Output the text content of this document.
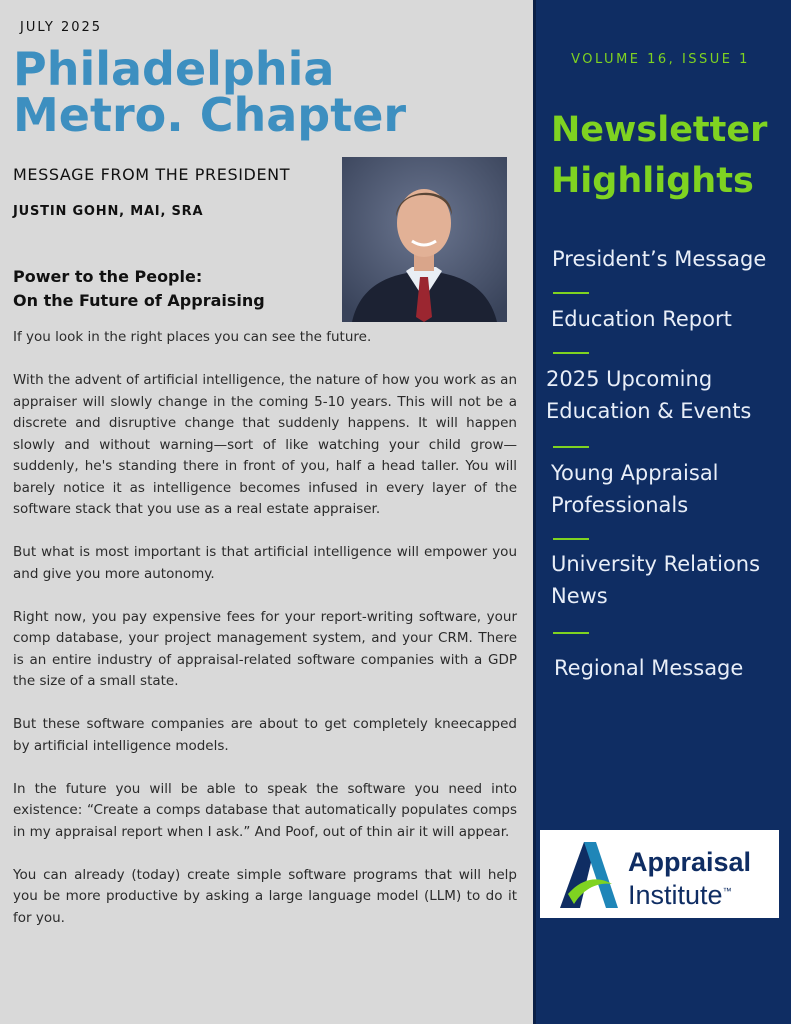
JULY 2025
Philadelphia
Metro. Chapter
MESSAGE FROM THE PRESIDENT
JUSTIN GOHN, MAI, SRA
Power to the People:
On the Future of Appraising

If you look in the right places you can see the future.

With the advent of artificial intelligence, the nature of how you work as an appraiser will slowly change in the coming 5-10 years. This will not be a discrete and disruptive change that suddenly happens. It will happen slowly and without warning—sort of like watching your child grow—suddenly, he's standing there in front of you, half a head taller. You will barely notice it as intelligence becomes infused in every layer of the software stack that you use as a real estate appraiser.

But what is most important is that artificial intelligence will empower you and give you more autonomy.

Right now, you pay expensive fees for your report-writing software, your comp database, your project management system, and your CRM. There is an entire industry of appraisal-related software companies with a GDP the size of a small state.

But these software companies are about to get completely kneecapped by artificial intelligence models.

In the future you will be able to speak the software you need into existence: “Create a comps database that automatically populates comps in my appraisal report when I ask.” And Poof, out of thin air it will appear.

You can already (today) create simple software programs that will help you be more productive by asking a large language model (LLM) to do it for you.

VOLUME 16, ISSUE 1
Newsletter
Highlights
President’s Message
Education Report
2025 Upcoming
Education & Events
Young Appraisal
Professionals
University Relations
News
Regional Message
Appraisal
Institute™
